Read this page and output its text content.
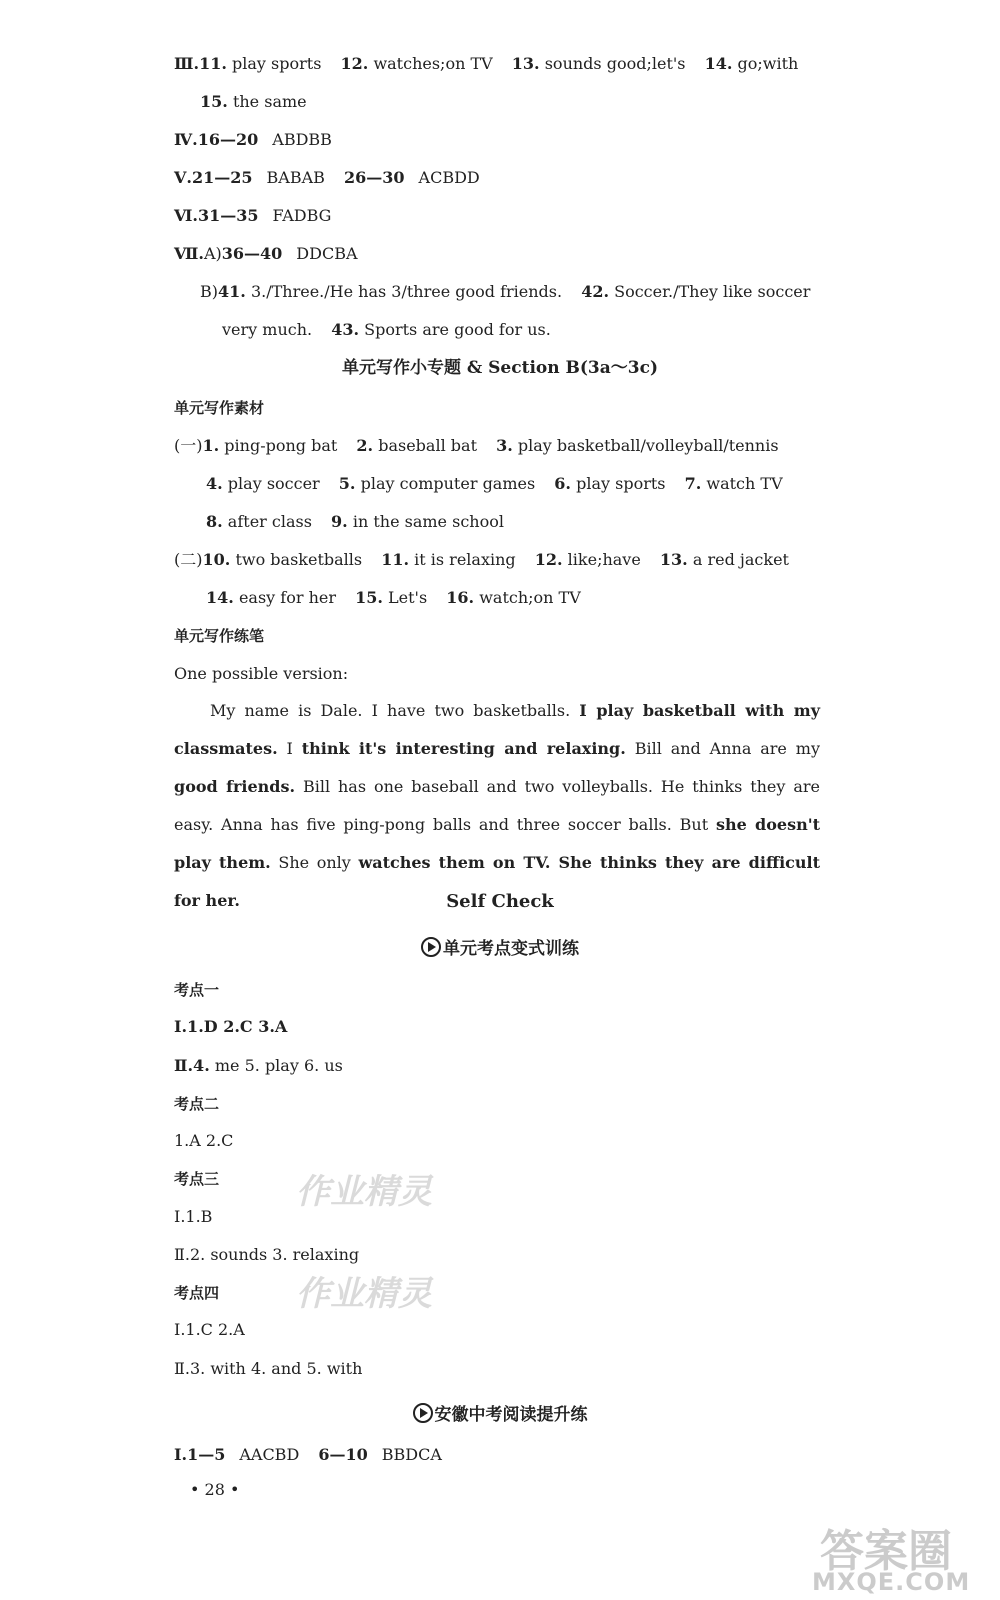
Ⅲ.11. play sports 12. watches;on TV 13. sounds good;let's 14. go;with
15. the same
Ⅳ.16—20 ABDBB
Ⅴ.21—25 BABAB 26—30 ACBDD
Ⅵ.31—35 FADBG
Ⅶ.A)36—40 DDCBA
B)41. 3./Three./He has 3/three good friends. 42. Soccer./They like soccer
very much. 43. Sports are good for us.
单元写作小专题 & Section B(3a～3c)
单元写作素材
(一)1. ping-pong bat 2. baseball bat 3. play basketball/volleyball/tennis
4. play soccer 5. play computer games 6. play sports 7. watch TV
8. after class 9. in the same school
(二)10. two basketballs 11. it is relaxing 12. like;have 13. a red jacket
14. easy for her 15. Let's 16. watch;on TV
单元写作练笔
One possible version:
My name is Dale. I have two basketballs. I play basketball with my classmates. I think it's interesting and relaxing. Bill and Anna are my good friends. Bill has one baseball and two volleyballs. He thinks they are easy. Anna has five ping-pong balls and three soccer balls. But she doesn't play them. She only watches them on TV. She thinks they are difficult for her.	Self Check
单元考点变式训练
考点一
Ⅰ.1.D 2.C 3.A
Ⅱ.4. me 5. play 6. us
考点二
1.A 2.C
考点三
Ⅰ.1.B
Ⅱ.2. sounds 3. relaxing
考点四
Ⅰ.1.C 2.A
Ⅱ.3. with 4. and 5. with
安徽中考阅读提升练
Ⅰ.1—5 AACBD 6—10 BBDCA
• 28 •
作业精灵
作业精灵
答案圈
MXQE.COM
